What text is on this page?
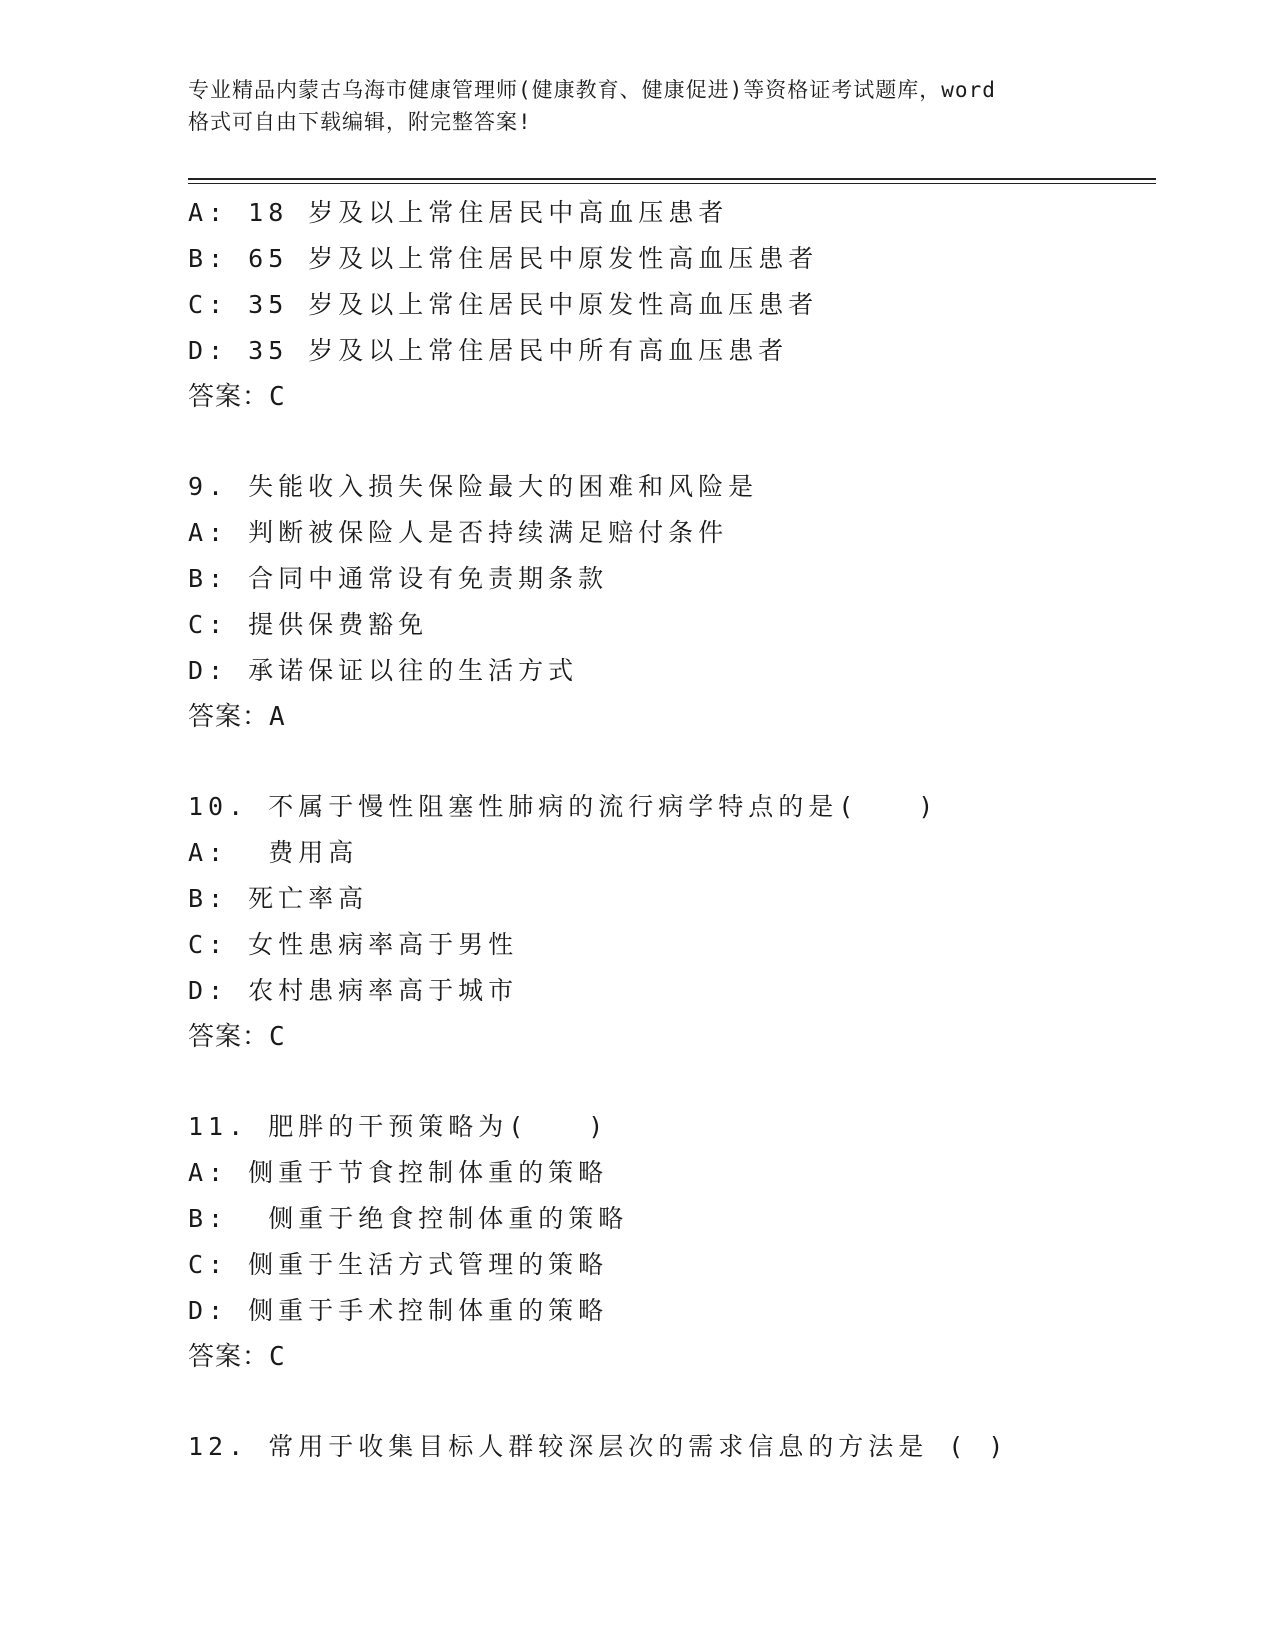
专业精品内蒙古乌海市健康管理师(健康教育、健康促进)等资格证考试题库，word
格式可自由下载编辑，附完整答案!
A: 18 岁及以上常住居民中高血压患者
B: 65 岁及以上常住居民中原发性高血压患者
C: 35 岁及以上常住居民中原发性高血压患者
D: 35 岁及以上常住居民中所有高血压患者
答案：C
9. 失能收入损失保险最大的困难和风险是
A: 判断被保险人是否持续满足赔付条件
B: 合同中通常设有免责期条款
C: 提供保费豁免
D: 承诺保证以往的生活方式
答案：A
10. 不属于慢性阻塞性肺病的流行病学特点的是(　　)
A:  费用高
B: 死亡率高
C: 女性患病率高于男性
D: 农村患病率高于城市
答案：C
11. 肥胖的干预策略为(　　)
A: 侧重于节食控制体重的策略
B:  侧重于绝食控制体重的策略
C: 侧重于生活方式管理的策略
D: 侧重于手术控制体重的策略
答案：C
12. 常用于收集目标人群较深层次的需求信息的方法是 ( )
